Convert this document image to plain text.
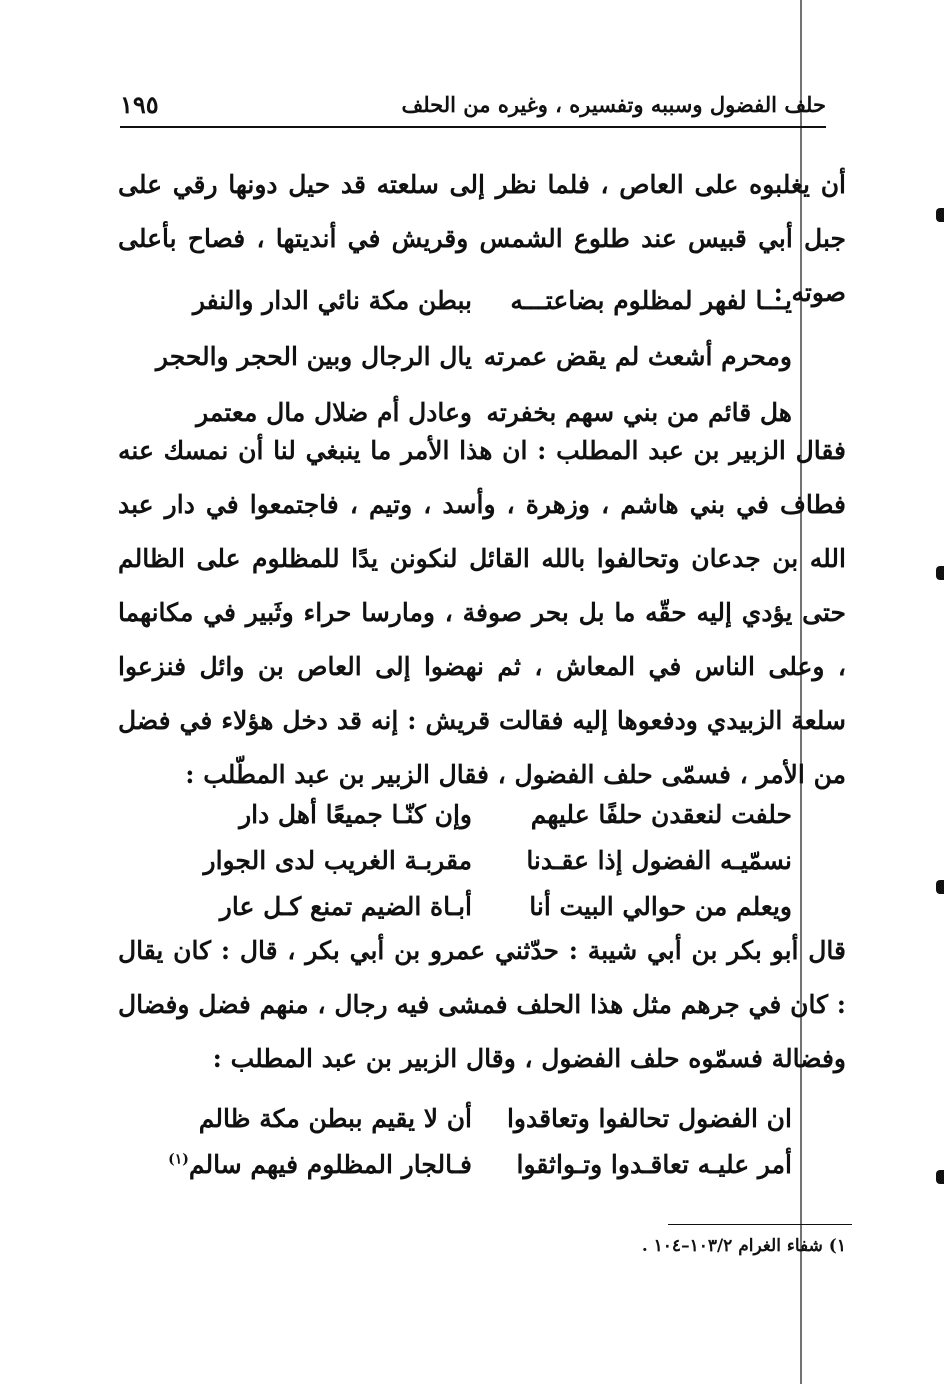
حلف الفضول وسببه وتفسيره ، وغيره من الحلف
١٩٥

أن يغلبوه على العاص ، فلما نظر إلى سلعته قد حيل دونها رقي على جبل أبي قبيس عند طلوع الشمس وقريش في أنديتها ، فصاح بأعلى صوته :

يـــا لفهر لمظلوم بضاعتـــه
ببطن مكة نائي الدار والنفر
ومحرم أشعث لم يقض عمرته
يال الرجال وبين الحجر والحجر
هل قائم من بني سهم بخفرته
وعادل أم ضلال مال معتمر

فقال الزبير بن عبد المطلب : ان هذا الأمر ما ينبغي لنا أن نمسك عنه فطاف في بني هاشم ، وزهرة ، وأسد ، وتيم ، فاجتمعوا في دار عبد الله بن جدعان وتحالفوا بالله القائل لنكونن يدًا للمظلوم على الظالم حتى يؤدي إليه حقّه ما بل بحر صوفة ، ومارسا حراء وثَبير في مكانهما ، وعلى الناس في المعاش ، ثم نهضوا إلى العاص بن وائل فنزعوا سلعة الزبيدي ودفعوها إليه فقالت قريش : إنه قد دخل هؤلاء في فضل من الأمر ، فسمّى حلف الفضول ، فقال الزبير بن عبد المطّلب :

حلفت لنعقدن حلفًا عليهم
وإن كنّـا جميعًا أهل دار
نسمّيـه الفضول إذا عقـدنا
مقربـة الغريب لدى الجوار
ويعلم من حوالي البيت أنا
أبـاة الضيم تمنع كـل عار

قال أبو بكر بن أبي شيبة : حدّثني عمرو بن أبي بكر ، قال : كان يقال : كان في جرهم مثل هذا الحلف فمشى فيه رجال ، منهم فضل وفضال وفضالة فسمّوه حلف الفضول ، وقال الزبير بن عبد المطلب :

ان الفضول تحالفوا وتعاقدوا
أن لا يقيم ببطن مكة ظالم
أمر عليـه تعاقـدوا وتـواثقوا
فـالجار المظلوم فيهم سالم$^{(١)}$
١) شفاء الغرام ١٠٣/٢–١٠٤ .
